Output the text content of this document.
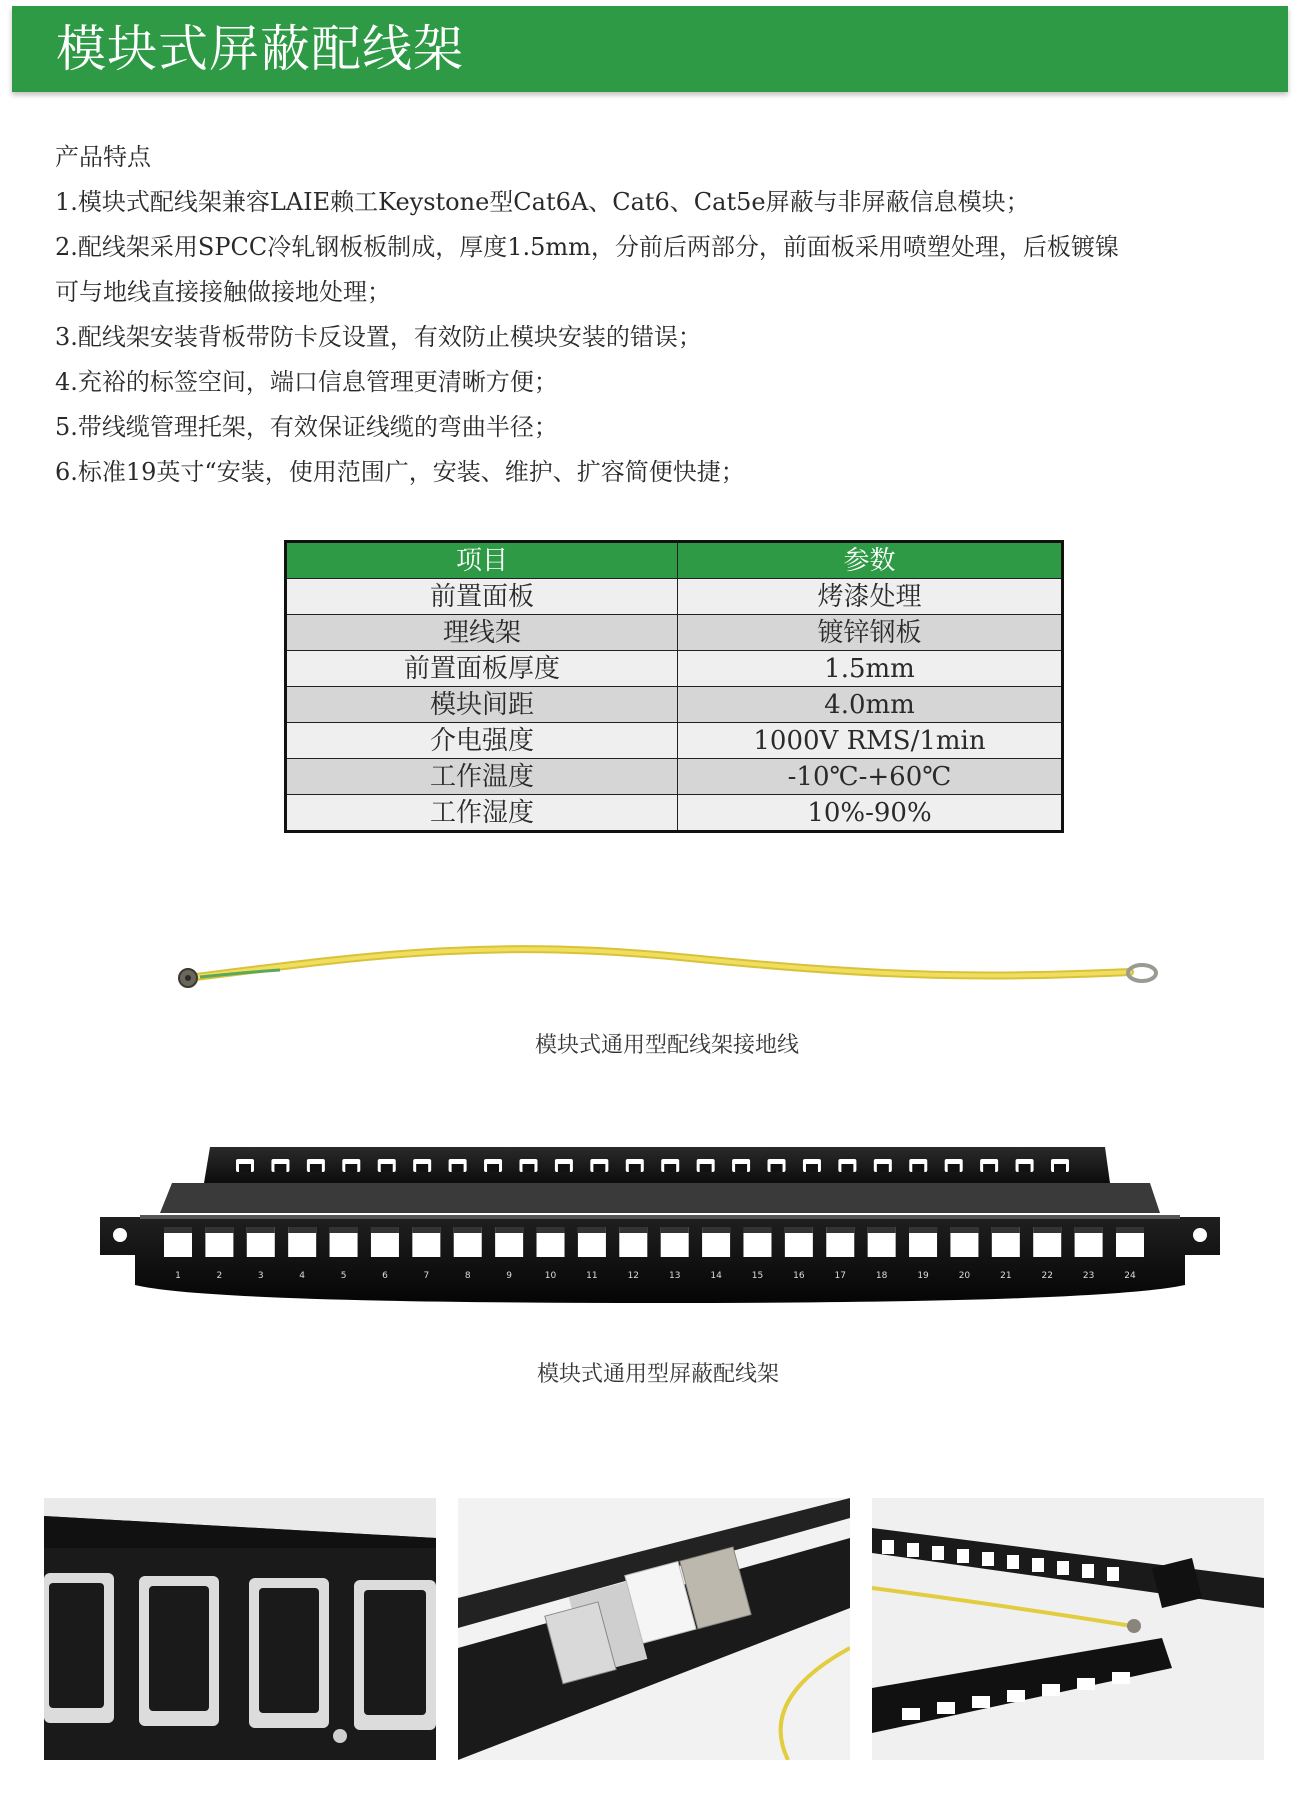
模块式屏蔽配线架
产品特点
1.模块式配线架兼容LAIE赖工Keystone型Cat6A、Cat6、Cat5e屏蔽与非屏蔽信息模块；
2.配线架采用SPCC冷轧钢板板制成，厚度1.5mm，分前后两部分，前面板采用喷塑处理，后板镀镍
可与地线直接接触做接地处理；
3.配线架安装背板带防卡反设置，有效防止模块安装的错误；
4.充裕的标签空间，端口信息管理更清晰方便；
5.带线缆管理托架，有效保证线缆的弯曲半径；
6.标准19英寸“安装，使用范围广，安装、维护、扩容简便快捷；
项目	参数
前置面板	烤漆处理
理线架	镀锌钢板
前置面板厚度	1.5mm
模块间距	4.0mm
介电强度	1000V RMS/1min
工作温度	-10℃-+60℃
工作湿度	10%-90%
模块式通用型配线架接地线
1	2	3	4	5	6	7	8	9	10	11	12	13	14	15	16	17	18	19	20	21	22	23	24
模块式通用型屏蔽配线架
